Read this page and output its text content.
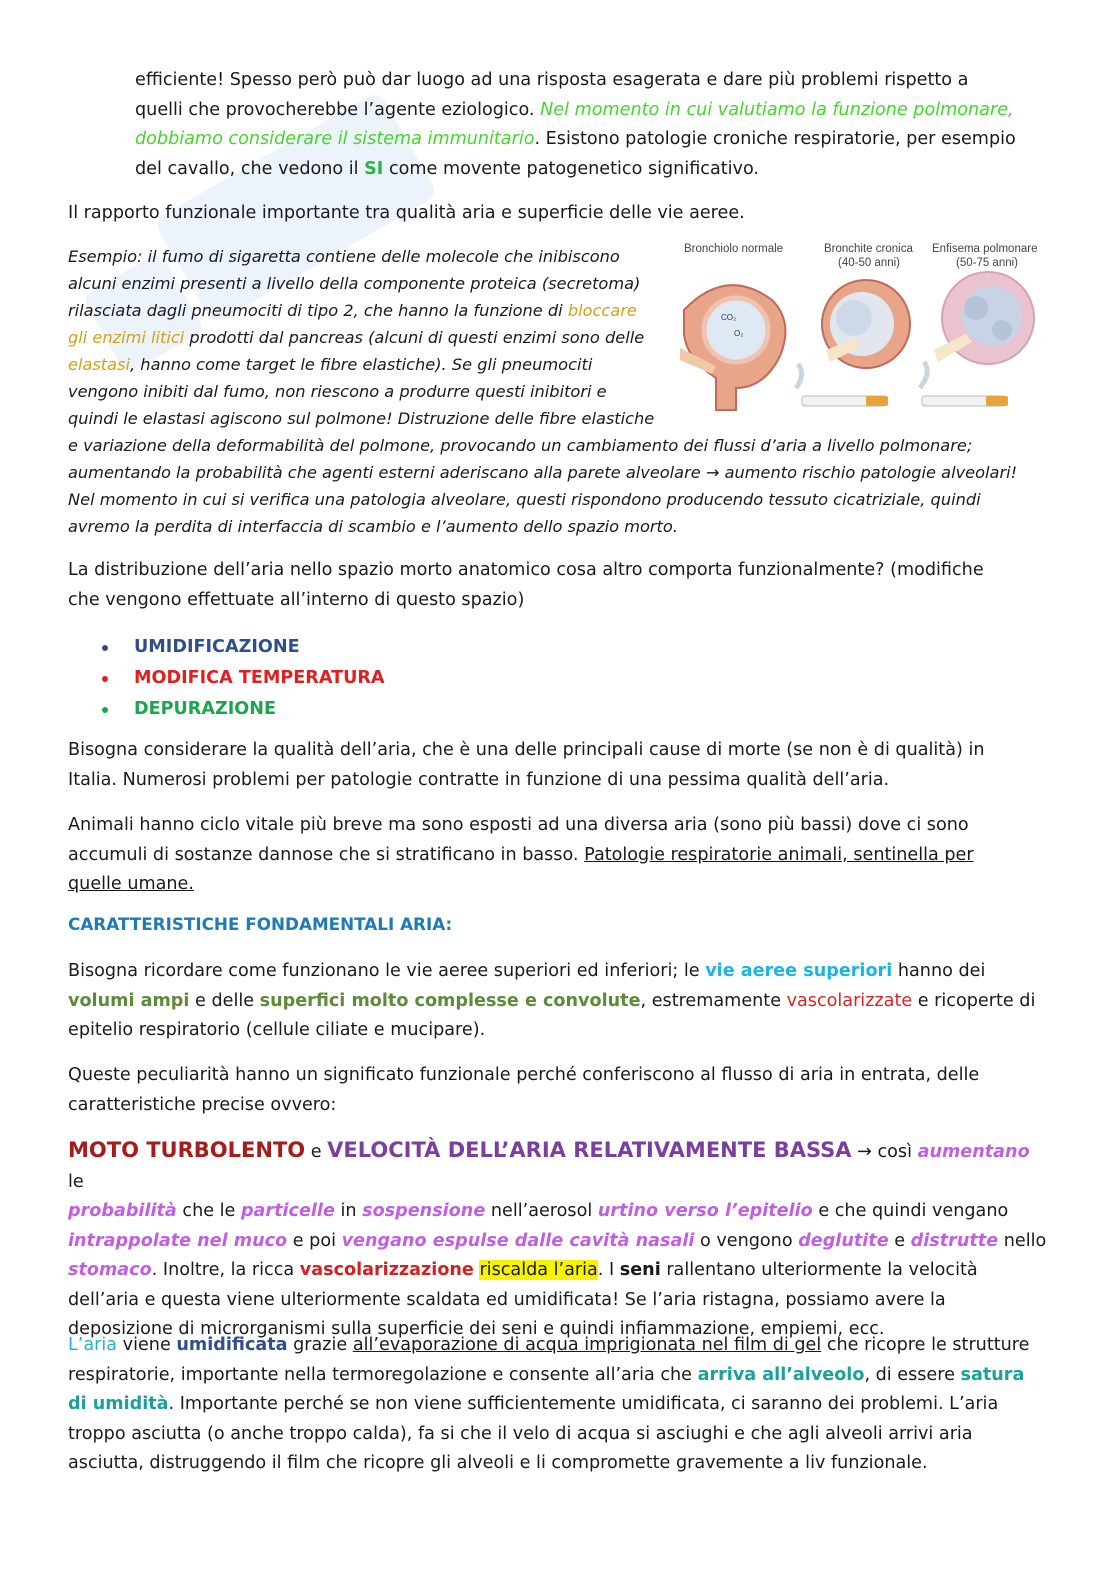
efficiente! Spesso però può dar luogo ad una risposta esagerata e dare più problemi rispetto a
quelli che provocherebbe l’agente eziologico. Nel momento in cui valutiamo la funzione polmonare,
dobbiamo considerare il sistema immunitario. Esistono patologie croniche respiratorie, per esempio
del cavallo, che vedono il SI come movente patogenetico significativo.

Il rapporto funzionale importante tra qualità aria e superficie delle vie aeree.

Esempio: il fumo di sigaretta contiene delle molecole che inibiscono
alcuni enzimi presenti a livello della componente proteica (secretoma)
rilasciata dagli pneumociti di tipo 2, che hanno la funzione di bloccare
gli enzimi litici prodotti dal pancreas (alcuni di questi enzimi sono delle
elastasi, hanno come target le fibre elastiche). Se gli pneumociti
vengono inibiti dal fumo, non riescono a produrre questi inibitori e
quindi le elastasi agiscono sul polmone! Distruzione delle fibre elastiche
e variazione della deformabilità del polmone, provocando un cambiamento dei flussi d’aria a livello polmonare;
aumentando la probabilità che agenti esterni aderiscano alla parete alveolare → aumento rischio patologie alveolari!
Nel momento in cui si verifica una patologia alveolare, questi rispondono producendo tessuto cicatriziale, quindi
avremo la perdita di interfaccia di scambio e l’aumento dello spazio morto.
Bronchiolo normale	Bronchite cronica
(40-50 anni)
Enfisema polmonare
(50-75 anni)
CO₂
O₂

La distribuzione dell’aria nello spazio morto anatomico cosa altro comporta funzionalmente? (modifiche
che vengono effettuate all’interno di questo spazio)

UMIDIFICAZIONE
MODIFICA TEMPERATURA
DEPURAZIONE

Bisogna considerare la qualità dell’aria, che è una delle principali cause di morte (se non è di qualità) in
Italia. Numerosi problemi per patologie contratte in funzione di una pessima qualità dell’aria.

Animali hanno ciclo vitale più breve ma sono esposti ad una diversa aria (sono più bassi) dove ci sono
accumuli di sostanze dannose che si stratificano in basso. Patologie respiratorie animali, sentinella per
quelle umane.

CARATTERISTICHE FONDAMENTALI ARIA:

Bisogna ricordare come funzionano le vie aeree superiori ed inferiori; le vie aeree superiori hanno dei
volumi ampi e delle superfici molto complesse e convolute, estremamente vascolarizzate e ricoperte di
epitelio respiratorio (cellule ciliate e mucipare).

Queste peculiarità hanno un significato funzionale perché conferiscono al flusso di aria in entrata, delle
caratteristiche precise ovvero:

MOTO TURBOLENTO e VELOCITÀ DELL’ARIA RELATIVAMENTE BASSA → così aumentano le
probabilità che le particelle in sospensione nell’aerosol urtino verso l’epitelio e che quindi vengano
intrappolate nel muco e poi vengano espulse dalle cavità nasali o vengono deglutite e distrutte nello
stomaco. Inoltre, la ricca vascolarizzazione riscalda l’aria. I seni rallentano ulteriormente la velocità
dell’aria e questa viene ulteriormente scaldata ed umidificata! Se l’aria ristagna, possiamo avere la
deposizione di microrganismi sulla superficie dei seni e quindi infiammazione, empiemi, ecc.

L’aria viene umidificata grazie all’evaporazione di acqua imprigionata nel film di gel che ricopre le strutture
respiratorie, importante nella termoregolazione e consente all’aria che arriva all’alveolo, di essere satura
di umidità. Importante perché se non viene sufficientemente umidificata, ci saranno dei problemi. L’aria
troppo asciutta (o anche troppo calda), fa si che il velo di acqua si asciughi e che agli alveoli arrivi aria
asciutta, distruggendo il film che ricopre gli alveoli e li compromette gravemente a liv funzionale.
